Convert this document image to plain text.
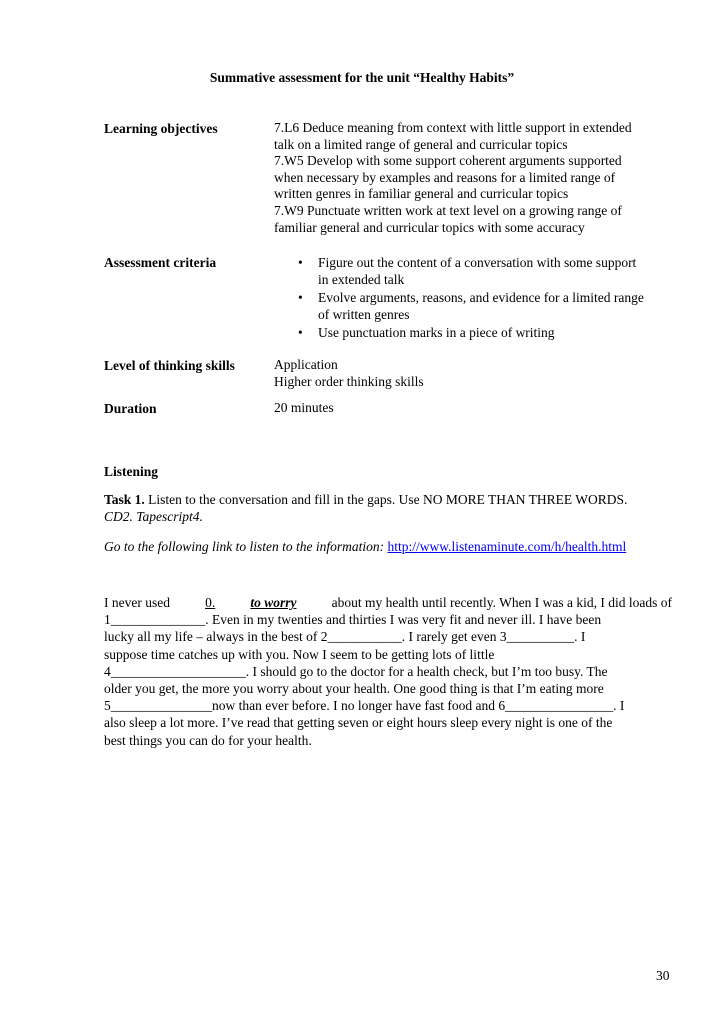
Summative assessment for the unit “Healthy Habits”
Learning objectives	7.L6 Deduce meaning from context with little support in extended
talk on a limited range of general and curricular topics
7.W5 Develop with some support coherent arguments supported
when necessary by examples and reasons for a limited range of
written genres in familiar general and curricular topics
7.W9 Punctuate written work at text level on a growing range of
familiar general and curricular topics with some accuracy
Assessment criteria	• Figure out the content of a conversation with some support
in extended talk
• Evolve arguments, reasons, and evidence for a limited range
of written genres
• Use punctuation marks in a piece of writing
Level of thinking skills	Application
Higher order thinking skills
Duration	20 minutes
Listening
Task 1. Listen to the conversation and fill in the gaps. Use NO MORE THAN THREE WORDS.
CD2. Tapescript4.
Go to the following link to listen to the information: http://www.listenaminute.com/h/health.html
I never used	0.	to worry	about my health until recently. When I was a kid, I did loads of
1______________. Even in my twenties and thirties I was very fit and never ill. I have been
lucky all my life – always in the best of 2___________. I rarely get even 3__________. I
suppose time catches up with you. Now I seem to be getting lots of little
4____________________. I should go to the doctor for a health check, but I’m too busy. The
older you get, the more you worry about your health. One good thing is that I’m eating more
5_______________now than ever before. I no longer have fast food and 6________________. I
also sleep a lot more. I’ve read that getting seven or eight hours sleep every night is one of the
best things you can do for your health.
30
